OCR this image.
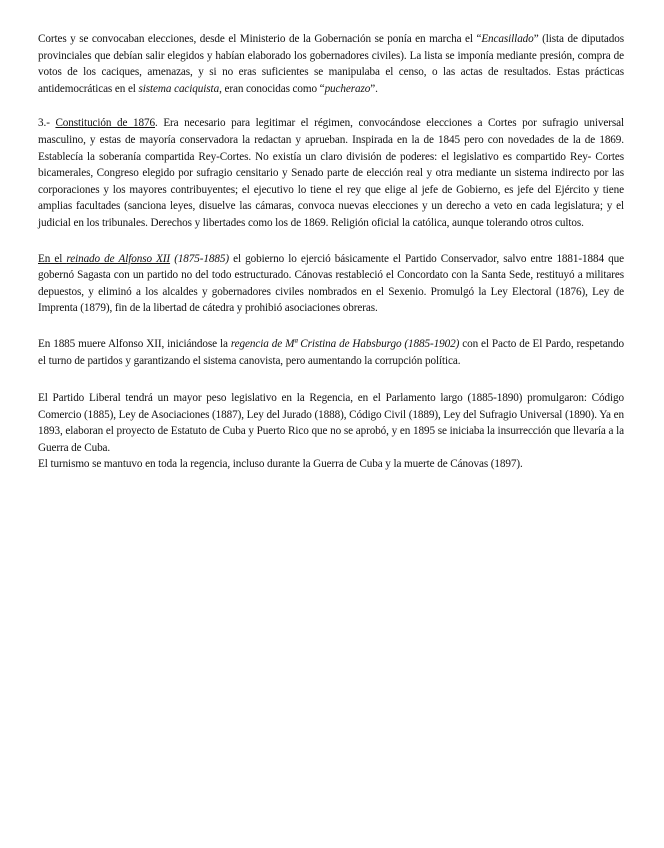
Cortes y se convocaban elecciones, desde el Ministerio de la Gobernación se ponía en marcha el “Encasillado” (lista de diputados provinciales que debían salir elegidos y habían elaborado los gobernadores civiles). La lista se imponía mediante presión, compra de votos de los caciques, amenazas, y si no eras suficientes se manipulaba el censo, o las actas de resultados. Estas prácticas antidemocráticas en el sistema caciquista, eran conocidas como “pucherazo”.

3.- Constitución de 1876. Era necesario para legitimar el régimen, convocándose elecciones a Cortes por sufragio universal masculino, y estas de mayoría conservadora la redactan y aprueban. Inspirada en la de 1845 pero con novedades de la de 1869. Establecía la soberanía compartida Rey-Cortes. No existía un claro división de poderes: el legislativo es compartido Rey- Cortes bicamerales, Congreso elegido por sufragio censitario y Senado parte de elección real y otra mediante un sistema indirecto por las corporaciones y los mayores contribuyentes; el ejecutivo lo tiene el rey que elige al jefe de Gobierno, es jefe del Ejército y tiene amplias facultades (sanciona leyes, disuelve las cámaras, convoca nuevas elecciones y un derecho a veto en cada legislatura; y el judicial en los tribunales. Derechos y libertades como los de 1869. Religión oficial la católica, aunque tolerando otros cultos.

En el reinado de Alfonso XII (1875-1885) el gobierno lo ejerció básicamente el Partido Conservador, salvo entre 1881-1884 que gobernó Sagasta con un partido no del todo estructurado. Cánovas restableció el Concordato con la Santa Sede, restituyó a militares depuestos, y eliminó a los alcaldes y gobernadores civiles nombrados en el Sexenio. Promulgó la Ley Electoral (1876), Ley de Imprenta (1879), fin de la libertad de cátedra y prohibió asociaciones obreras.

En 1885 muere Alfonso XII, iniciándose la regencia de Mª Cristina de Habsburgo (1885-1902) con el Pacto de El Pardo, respetando el turno de partidos y garantizando el sistema canovista, pero aumentando la corrupción política.

El Partido Liberal tendrá un mayor peso legislativo en la Regencia, en el Parlamento largo (1885-1890) promulgaron: Código Comercio (1885), Ley de Asociaciones (1887), Ley del Jurado (1888), Código Civil (1889), Ley del Sufragio Universal (1890). Ya en 1893, elaboran el proyecto de Estatuto de Cuba y Puerto Rico que no se aprobó, y en 1895 se iniciaba la insurrección que llevaría a la Guerra de Cuba.

El turnismo se mantuvo en toda la regencia, incluso durante la Guerra de Cuba y la muerte de Cánovas (1897).
